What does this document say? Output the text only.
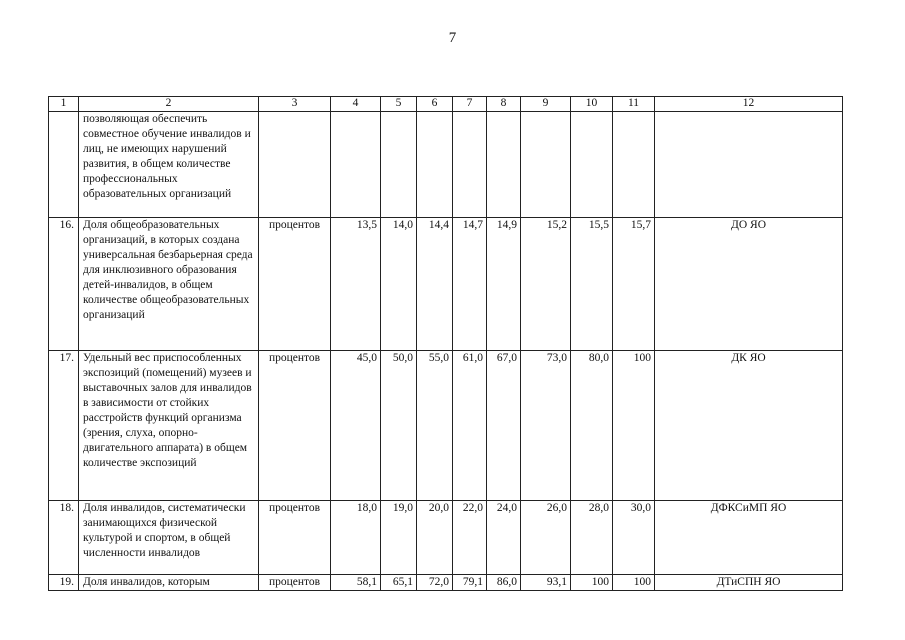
7
1	2	3	4	5	6	7	8	9	10	11	12
	позволяющая обеспечить совместное обучение инвалидов и лиц, не имеющих нарушений развития, в общем количестве профессиональных образовательных организаций										
16.	Доля общеобразовательных организаций, в которых создана универсальная безбарьерная среда для инклюзивного образования детей-инвалидов, в общем количестве общеобразовательных организаций	процентов	13,5	14,0	14,4	14,7	14,9	15,2	15,5	15,7	ДО ЯО
17.	Удельный вес приспособленных экспозиций (помещений) музеев и выставочных залов для инвалидов в зависимости от стойких расстройств функций организма (зрения, слуха, опорно-двигательного аппарата) в общем количестве экспозиций	процентов	45,0	50,0	55,0	61,0	67,0	73,0	80,0	100	ДК ЯО
18.	Доля инвалидов, систематически занимающихся физической культурой и спортом, в общей численности инвалидов	процентов	18,0	19,0	20,0	22,0	24,0	26,0	28,0	30,0	ДФКСиМП ЯО
19.	Доля инвалидов, которым	процентов	58,1	65,1	72,0	79,1	86,0	93,1	100	100	ДТиСПН ЯО
